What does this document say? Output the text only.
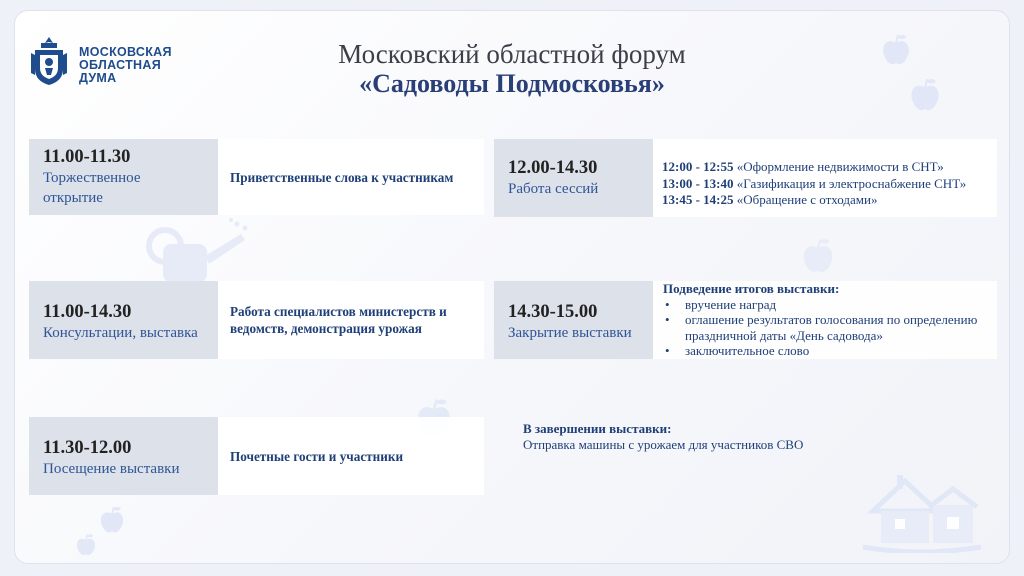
МОСКОВСКАЯ
ОБЛАСТНАЯ
ДУМА
Московский областной форум
«Садоводы Подмосковья»
11.00-11.30
Торжественное открытие
Приветственные слова к участникам
11.00-14.30
Консультации, выставка
Работа специалистов министерств и ведомств, демонстрация урожая
11.30-12.00
Посещение выставки
Почетные гости и участники
12.00-14.30
Работа сессий
12:00 - 12:55 «Оформление недвижимости в СНТ»
13:00 - 13:40 «Газификация и электроснабжение СНТ»
13:45 - 14:25 «Обращение с отходами»
14.30-15.00
Закрытие выставки
Подведение итогов выставки:
• вручение наград
• оглашение результатов голосования по определению праздничной даты «День садовода»
• заключительное слово
В завершении выставки:
Отправка машины с урожаем для участников СВО
